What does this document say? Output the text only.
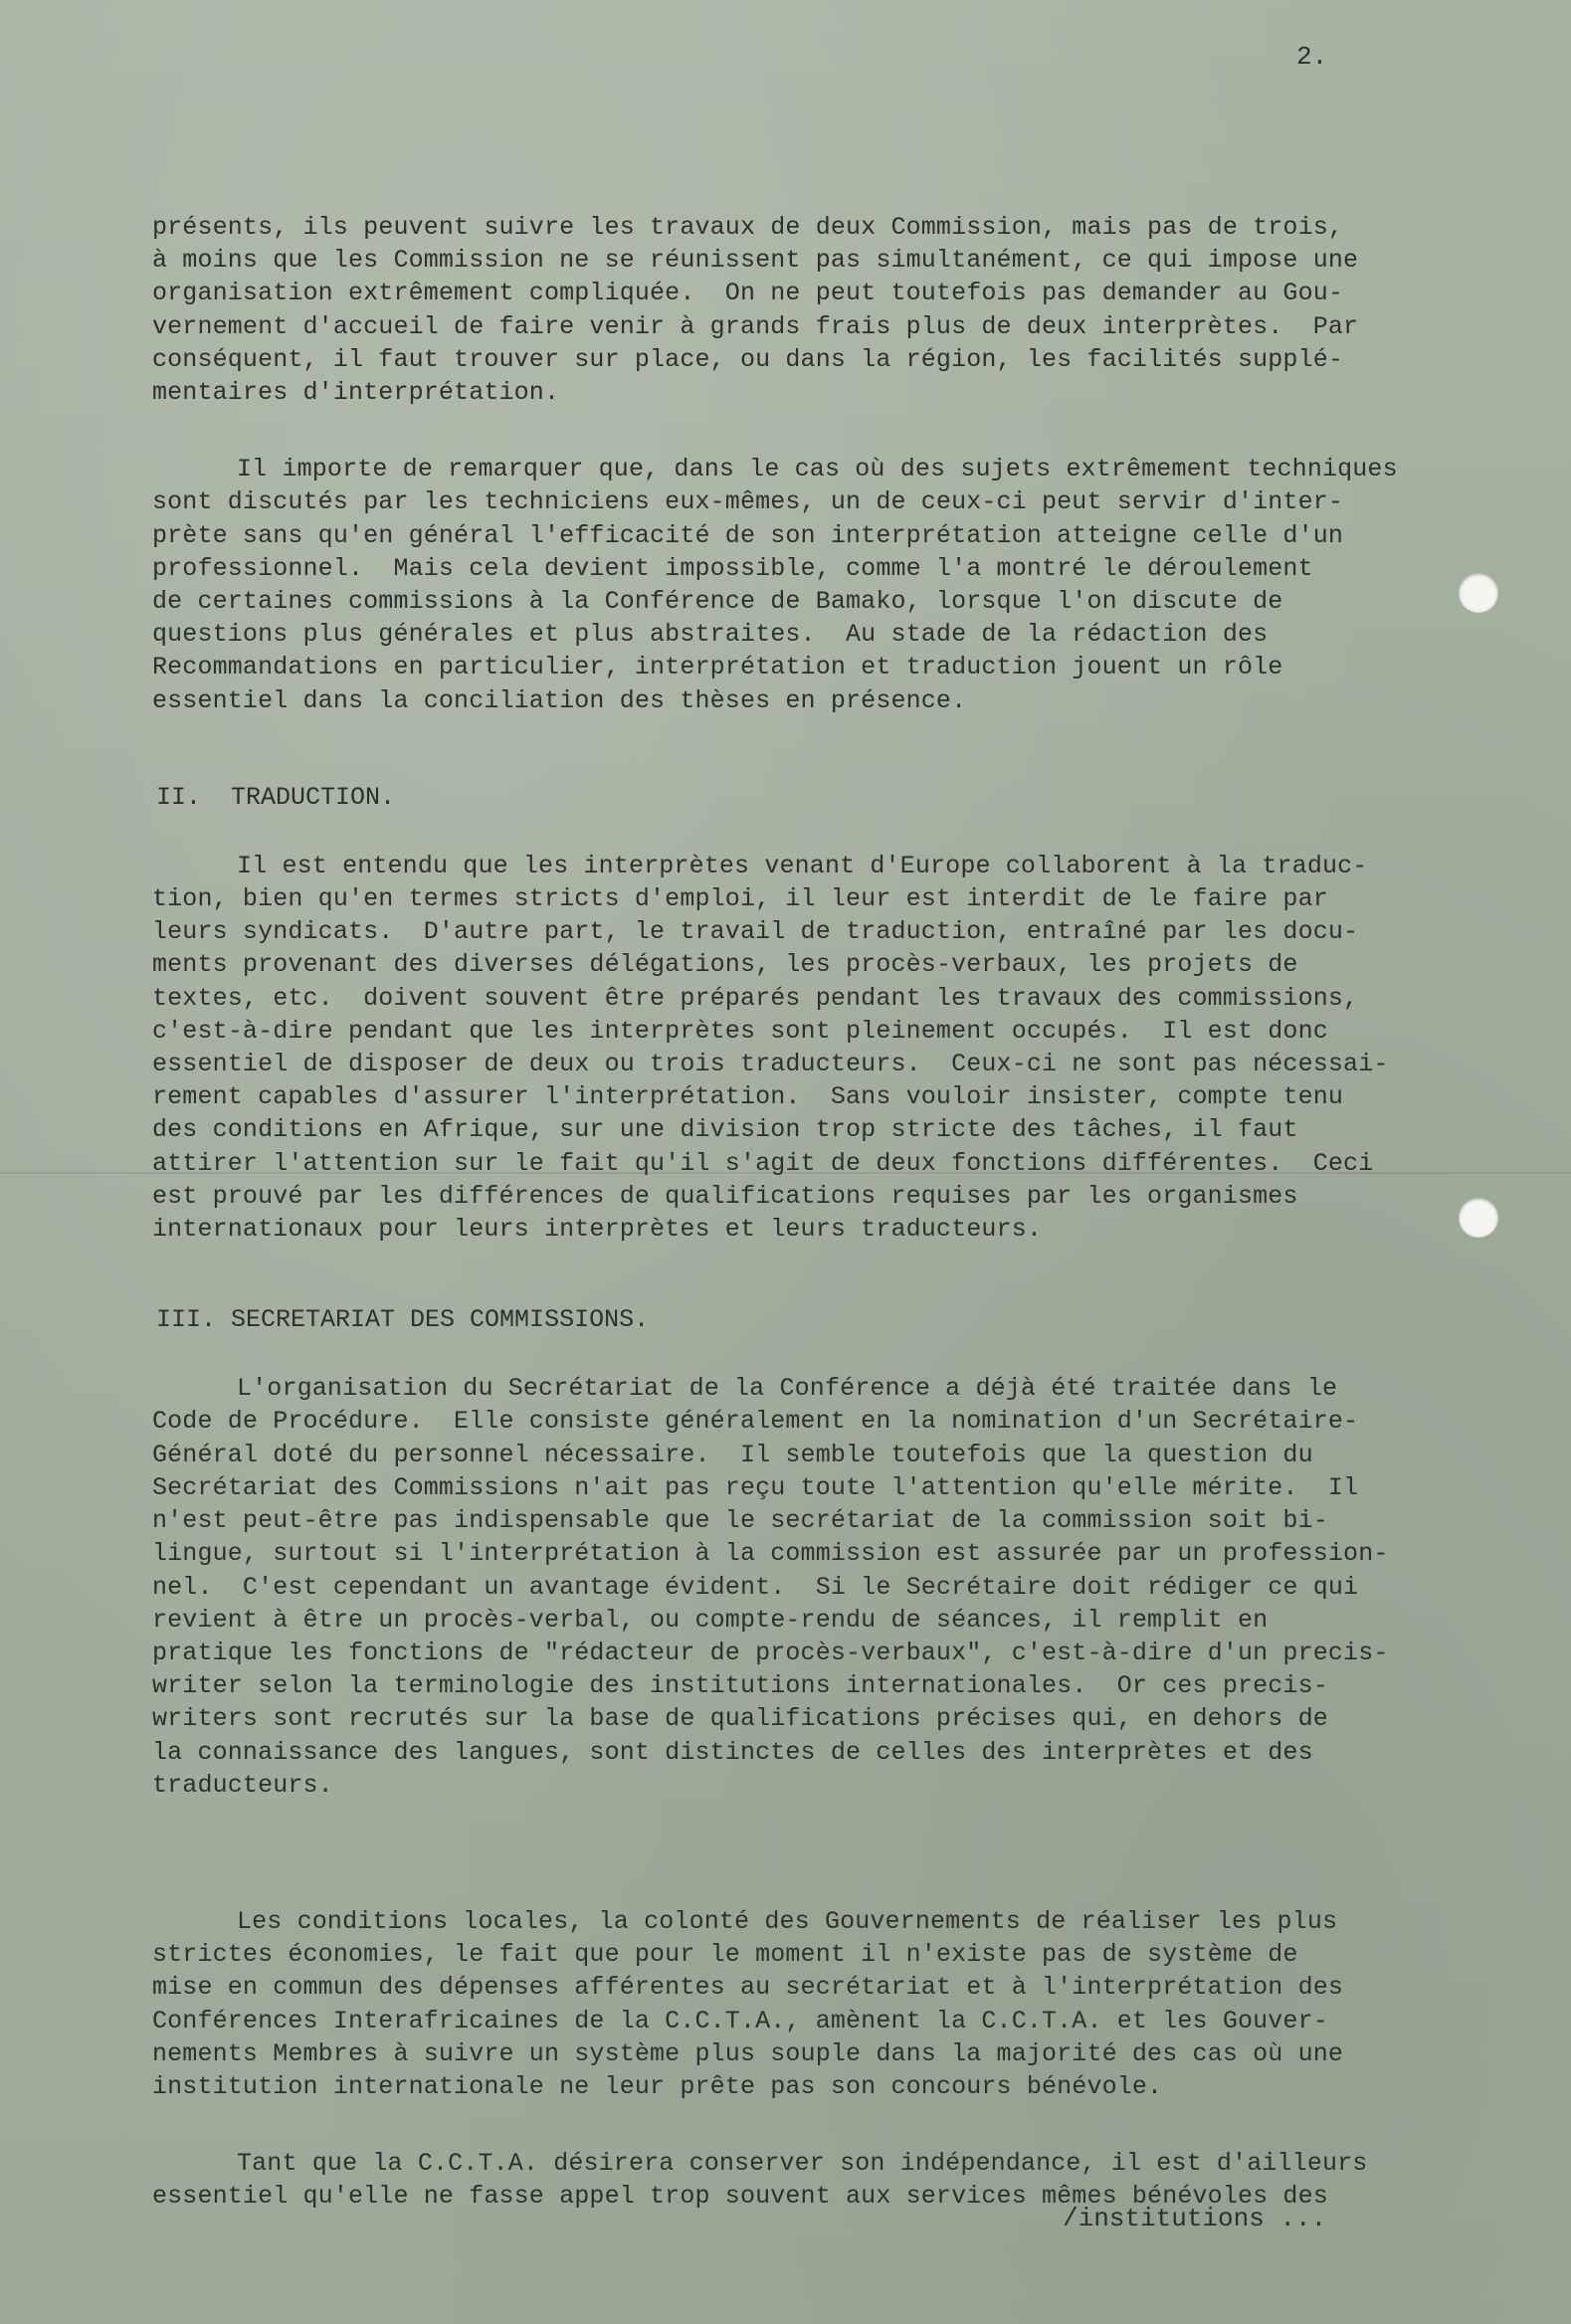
2.
présents, ils peuvent suivre les travaux de deux Commission, mais pas de trois,
à moins que les Commission ne se réunissent pas simultanément, ce qui impose une
organisation extrêmement compliquée.  On ne peut toutefois pas demander au Gou-
vernement d'accueil de faire venir à grands frais plus de deux interprètes.  Par
conséquent, il faut trouver sur place, ou dans la région, les facilités supplé-
mentaires d'interprétation.
Il importe de remarquer que, dans le cas où des sujets extrêmement techniques
sont discutés par les techniciens eux-mêmes, un de ceux-ci peut servir d'inter-
prète sans qu'en général l'efficacité de son interprétation atteigne celle d'un
professionnel.  Mais cela devient impossible, comme l'a montré le déroulement
de certaines commissions à la Conférence de Bamako, lorsque l'on discute de
questions plus générales et plus abstraites.  Au stade de la rédaction des
Recommandations en particulier, interprétation et traduction jouent un rôle
essentiel dans la conciliation des thèses en présence.
II.  TRADUCTION.
Il est entendu que les interprètes venant d'Europe collaborent à la traduc-
tion, bien qu'en termes stricts d'emploi, il leur est interdit de le faire par
leurs syndicats.  D'autre part, le travail de traduction, entraîné par les docu-
ments provenant des diverses délégations, les procès-verbaux, les projets de
textes, etc.  doivent souvent être préparés pendant les travaux des commissions,
c'est-à-dire pendant que les interprètes sont pleinement occupés.  Il est donc
essentiel de disposer de deux ou trois traducteurs.  Ceux-ci ne sont pas nécessai-
rement capables d'assurer l'interprétation.  Sans vouloir insister, compte tenu
des conditions en Afrique, sur une division trop stricte des tâches, il faut
attirer l'attention sur le fait qu'il s'agit de deux fonctions différentes.  Ceci
est prouvé par les différences de qualifications requises par les organismes
internationaux pour leurs interprètes et leurs traducteurs.
III. SECRETARIAT DES COMMISSIONS.
L'organisation du Secrétariat de la Conférence a déjà été traitée dans le
Code de Procédure.  Elle consiste généralement en la nomination d'un Secrétaire-
Général doté du personnel nécessaire.  Il semble toutefois que la question du
Secrétariat des Commissions n'ait pas reçu toute l'attention qu'elle mérite.  Il
n'est peut-être pas indispensable que le secrétariat de la commission soit bi-
lingue, surtout si l'interprétation à la commission est assurée par un profession-
nel.  C'est cependant un avantage évident.  Si le Secrétaire doit rédiger ce qui
revient à être un procès-verbal, ou compte-rendu de séances, il remplit en
pratique les fonctions de "rédacteur de procès-verbaux", c'est-à-dire d'un precis-
writer selon la terminologie des institutions internationales.  Or ces precis-
writers sont recrutés sur la base de qualifications précises qui, en dehors de
la connaissance des langues, sont distinctes de celles des interprètes et des
traducteurs.
Les conditions locales, la colonté des Gouvernements de réaliser les plus
strictes économies, le fait que pour le moment il n'existe pas de système de
mise en commun des dépenses afférentes au secrétariat et à l'interprétation des
Conférences Interafricaines de la C.C.T.A., amènent la C.C.T.A. et les Gouver-
nements Membres à suivre un système plus souple dans la majorité des cas où une
institution internationale ne leur prête pas son concours bénévole.
Tant que la C.C.T.A. désirera conserver son indépendance, il est d'ailleurs
essentiel qu'elle ne fasse appel trop souvent aux services mêmes bénévoles des
/institutions ...
